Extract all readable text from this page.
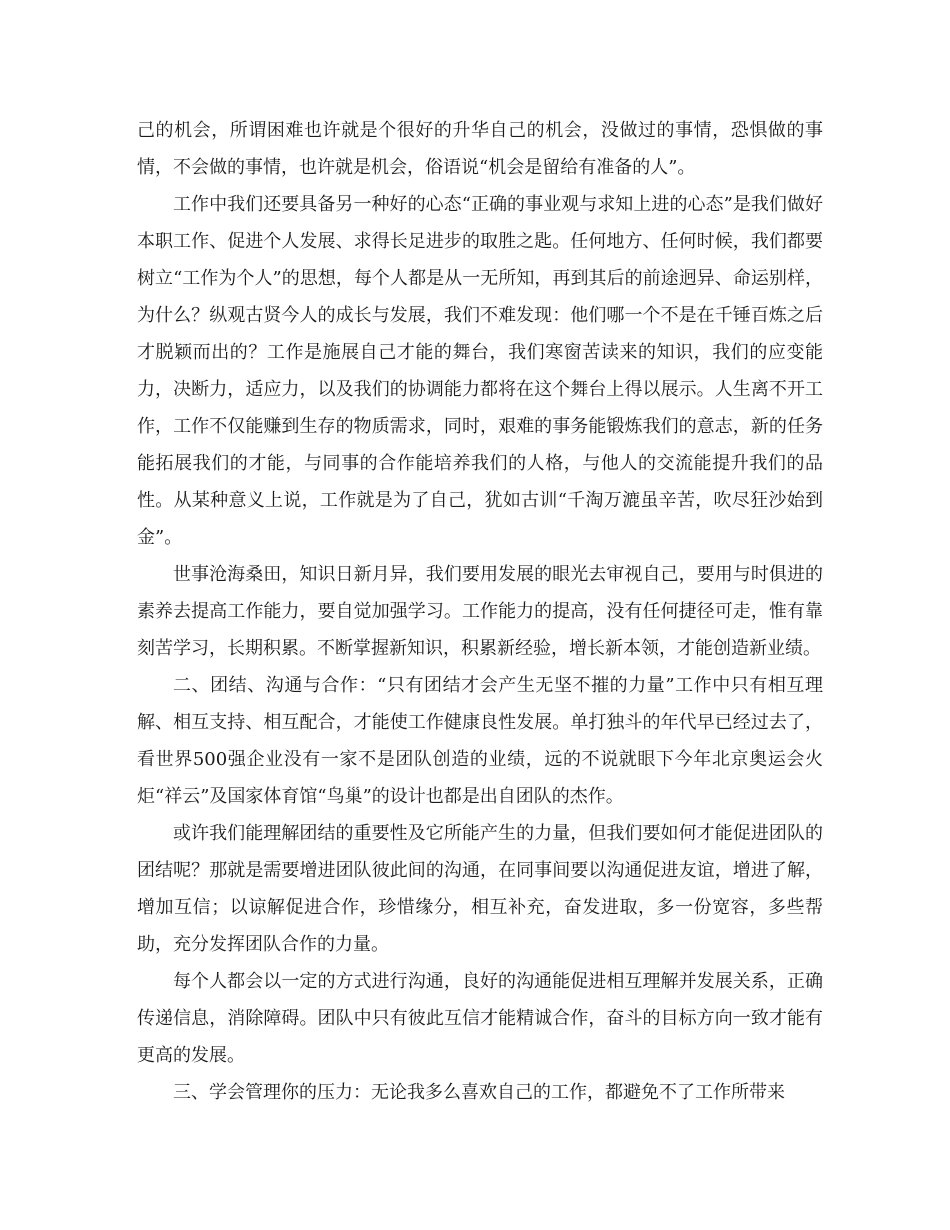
己的机会，所谓困难也许就是个很好的升华自己的机会，没做过的事情，恐惧做的事情，不会做的事情，也许就是机会，俗语说“机会是留给有准备的人”。

工作中我们还要具备另一种好的心态“正确的事业观与求知上进的心态”是我们做好本职工作、促进个人发展、求得长足进步的取胜之匙。任何地方、任何时候，我们都要树立“工作为个人”的思想，每个人都是从一无所知，再到其后的前途迥异、命运别样，为什么？纵观古贤今人的成长与发展，我们不难发现：他们哪一个不是在千锤百炼之后才脱颖而出的？工作是施展自己才能的舞台，我们寒窗苦读来的知识，我们的应变能力，决断力，适应力，以及我们的协调能力都将在这个舞台上得以展示。人生离不开工作，工作不仅能赚到生存的物质需求，同时，艰难的事务能锻炼我们的意志，新的任务能拓展我们的才能，与同事的合作能培养我们的人格，与他人的交流能提升我们的品性。从某种意义上说，工作就是为了自己，犹如古训“千淘万漉虽辛苦，吹尽狂沙始到金”。

世事沧海桑田，知识日新月异，我们要用发展的眼光去审视自己，要用与时俱进的素养去提高工作能力，要自觉加强学习。工作能力的提高，没有任何捷径可走，惟有靠刻苦学习，长期积累。不断掌握新知识，积累新经验，增长新本领，才能创造新业绩。

二、团结、沟通与合作：“只有团结才会产生无坚不摧的力量”工作中只有相互理解、相互支持、相互配合，才能使工作健康良性发展。单打独斗的年代早已经过去了，看世界500强企业没有一家不是团队创造的业绩，远的不说就眼下今年北京奥运会火炬“祥云”及国家体育馆“鸟巢”的设计也都是出自团队的杰作。

或许我们能理解团结的重要性及它所能产生的力量，但我们要如何才能促进团队的团结呢？那就是需要增进团队彼此间的沟通，在同事间要以沟通促进友谊，增进了解，增加互信；以谅解促进合作，珍惜缘分，相互补充，奋发进取，多一份宽容，多些帮助，充分发挥团队合作的力量。

每个人都会以一定的方式进行沟通，良好的沟通能促进相互理解并发展关系，正确传递信息，消除障碍。团队中只有彼此互信才能精诚合作，奋斗的目标方向一致才能有更高的发展。

三、学会管理你的压力：无论我多么喜欢自己的工作，都避免不了工作所带来
